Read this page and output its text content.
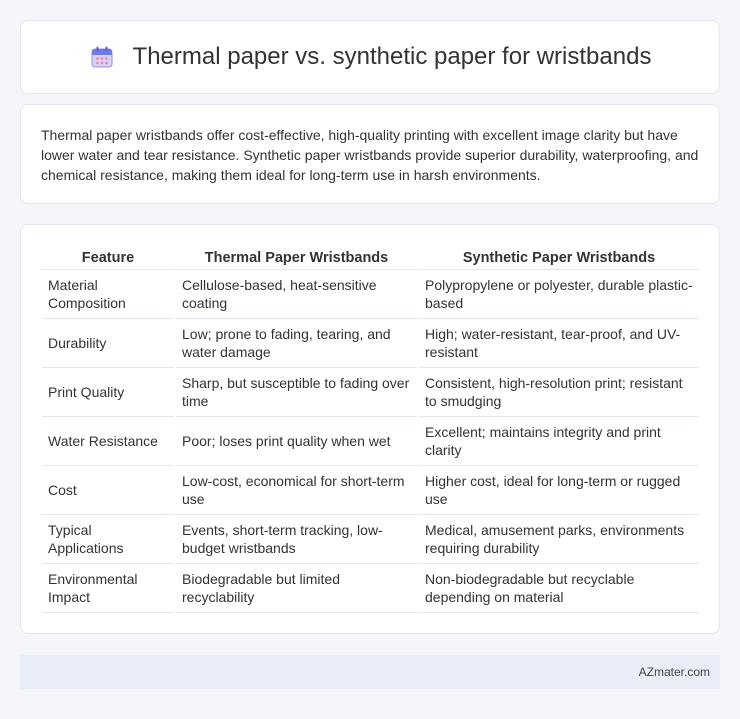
Thermal paper vs. synthetic paper for wristbands

Thermal paper wristbands offer cost-effective, high-quality printing with excellent image clarity but have lower water and tear resistance. Synthetic paper wristbands provide superior durability, waterproofing, and chemical resistance, making them ideal for long-term use in harsh environments.

Feature	Thermal Paper Wristbands	Synthetic Paper Wristbands
Material Composition	Cellulose-based, heat-sensitive coating	Polypropylene or polyester, durable plastic-based
Durability	Low; prone to fading, tearing, and water damage	High; water-resistant, tear-proof, and UV-resistant
Print Quality	Sharp, but susceptible to fading over time	Consistent, high-resolution print; resistant to smudging
Water Resistance	Poor; loses print quality when wet	Excellent; maintains integrity and print clarity
Cost	Low-cost, economical for short-term use	Higher cost, ideal for long-term or rugged use
Typical Applications	Events, short-term tracking, low-budget wristbands	Medical, amusement parks, environments requiring durability
Environmental Impact	Biodegradable but limited recyclability	Non-biodegradable but recyclable depending on material
AZmater.com
